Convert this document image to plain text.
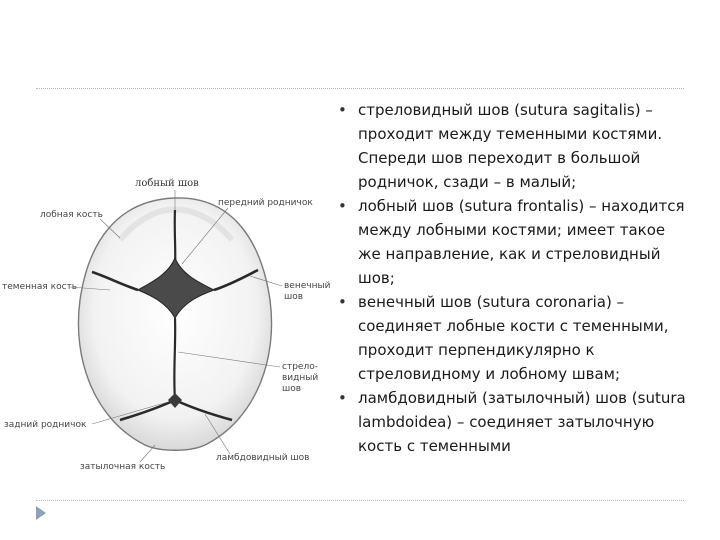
лобный шов
лобная кость
передний родничок
теменная кость	венечный
шов
стрело-
видный
шов
задний родничок
ламбдовидный шов
затылочная кость
• стреловидный шов (sutura sagitalis) –
проходит между теменными костями.
Спереди шов переходит в большой
родничок, сзади – в малый;
• лобный шов (sutura frontalis) – находится
между лобными костями; имеет такое
же направление, как и стреловидный
шов;
• венечный шов (sutura coronaria) –
соединяет лобные кости с теменными,
проходит перпендикулярно к
стреловидному и лобному швам;
• ламбдовидный (затылочный) шов (sutura
lambdoidea) – соединяет затылочную
кость с теменными
